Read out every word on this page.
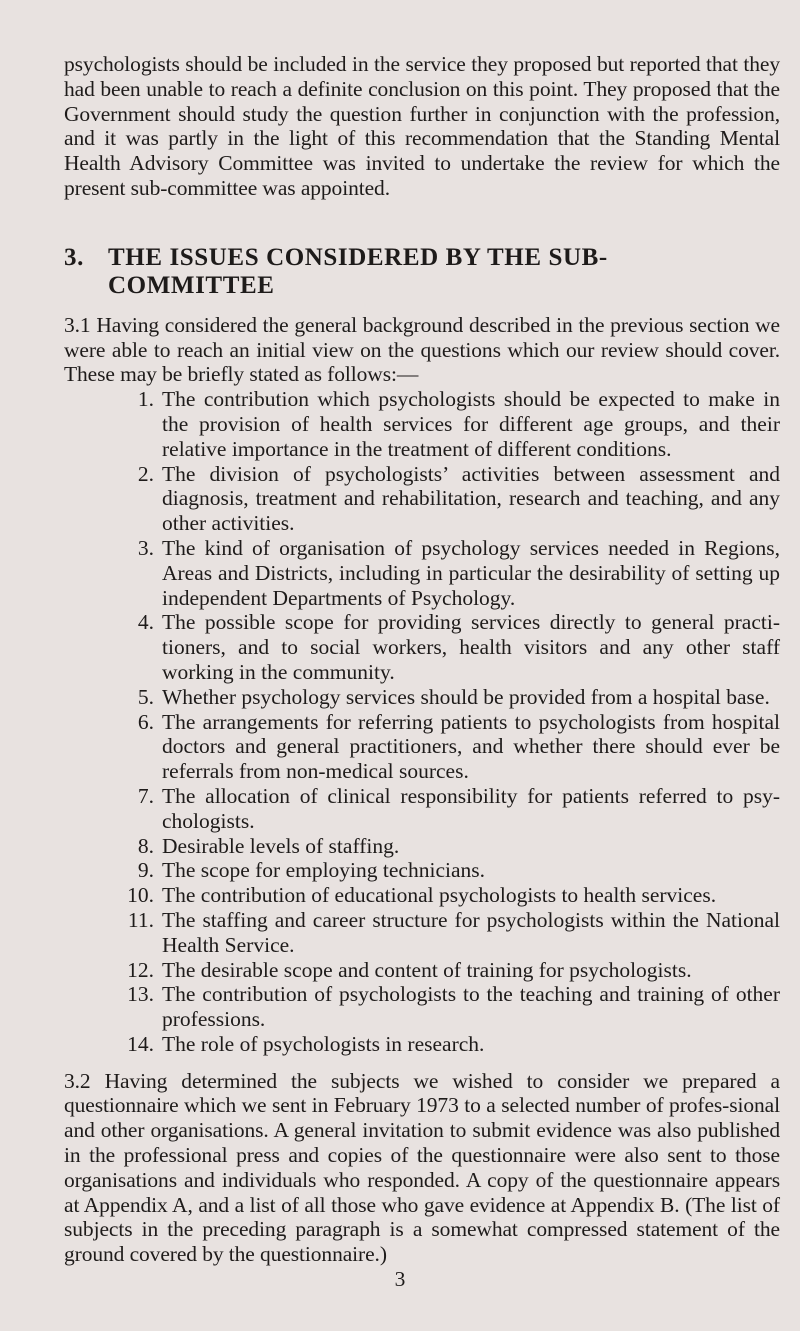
psychologists should be included in the service they proposed but reported that they had been unable to reach a definite conclusion on this point. They proposed that the Government should study the question further in conjunction with the profession, and it was partly in the light of this recommendation that the Standing Mental Health Advisory Committee was invited to undertake the review for which the present sub-committee was appointed.

3. THE ISSUES CONSIDERED BY THE SUB-COMMITTEE

3.1 Having considered the general background described in the previous section we were able to reach an initial view on the questions which our review should cover. These may be briefly stated as follows:—

1. The contribution which psychologists should be expected to make in the provision of health services for different age groups, and their relative importance in the treatment of different conditions.
2. The division of psychologists’ activities between assessment and diagnosis, treatment and rehabilitation, research and teaching, and any other activities.
3. The kind of organisation of psychology services needed in Regions, Areas and Districts, including in particular the desirability of setting up independent Departments of Psychology.
4. The possible scope for providing services directly to general practi-tioners, and to social workers, health visitors and any other staff working in the community.
5. Whether psychology services should be provided from a hospital base.
6. The arrangements for referring patients to psychologists from hospital doctors and general practitioners, and whether there should ever be referrals from non-medical sources.
7. The allocation of clinical responsibility for patients referred to psy-chologists.
8. Desirable levels of staffing.
9. The scope for employing technicians.
10. The contribution of educational psychologists to health services.
11. The staffing and career structure for psychologists within the National Health Service.
12. The desirable scope and content of training for psychologists.
13. The contribution of psychologists to the teaching and training of other professions.
14. The role of psychologists in research.

3.2 Having determined the subjects we wished to consider we prepared a questionnaire which we sent in February 1973 to a selected number of profes-sional and other organisations. A general invitation to submit evidence was also published in the professional press and copies of the questionnaire were also sent to those organisations and individuals who responded. A copy of the questionnaire appears at Appendix A, and a list of all those who gave evidence at Appendix B. (The list of subjects in the preceding paragraph is a somewhat compressed statement of the ground covered by the questionnaire.)

3
